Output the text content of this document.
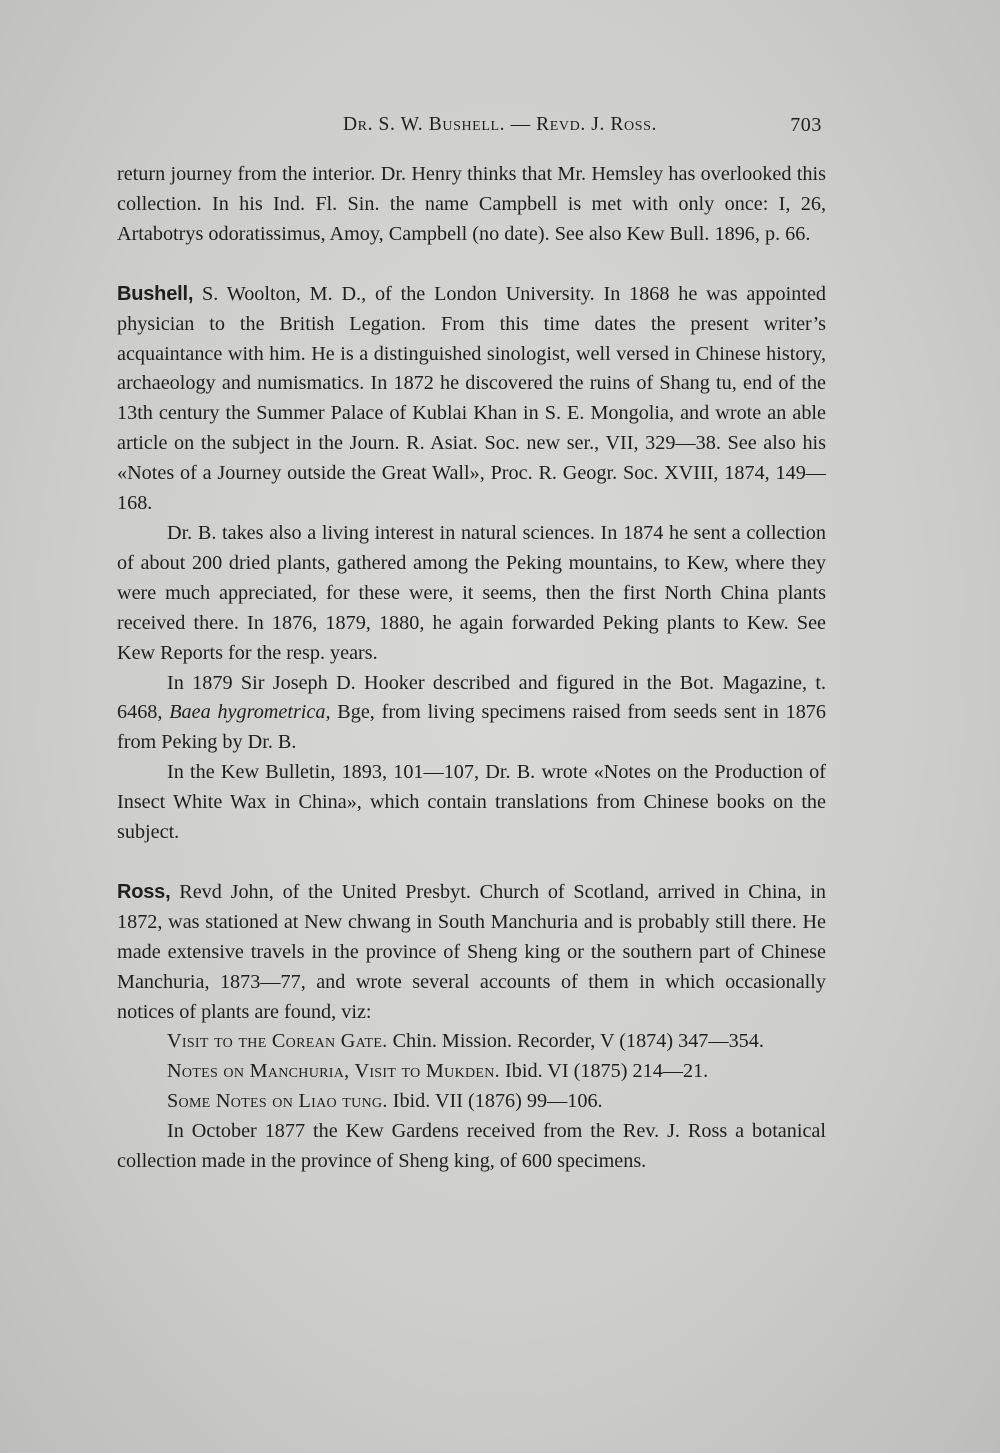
Dr. S. W. Bushell. — Revd. J. Ross.	703

return journey from the interior. Dr. Henry thinks that Mr. Hemsley has overlooked this collection. In his Ind. Fl. Sin. the name Campbell is met with only once: I, 26, Artabotrys odoratissimus, Amoy, Campbell (no date). See also Kew Bull. 1896, p. 66.

Bushell, S. Woolton, M. D., of the London University. In 1868 he was appointed physician to the British Legation. From this time dates the present writer’s acquaintance with him. He is a distinguished sinologist, well versed in Chinese history, archaeology and numismatics. In 1872 he discovered the ruins of Shang tu, end of the 13th century the Summer Palace of Kublai Khan in S. E. Mongolia, and wrote an able article on the subject in the Journ. R. Asiat. Soc. new ser., VII, 329—38. See also his «Notes of a Journey outside the Great Wall», Proc. R. Geogr. Soc. XVIII, 1874, 149—168.

Dr. B. takes also a living interest in natural sciences. In 1874 he sent a collection of about 200 dried plants, gathered among the Peking mountains, to Kew, where they were much appreciated, for these were, it seems, then the first North China plants received there. In 1876, 1879, 1880, he again forwarded Peking plants to Kew. See Kew Reports for the resp. years.

In 1879 Sir Joseph D. Hooker described and figured in the Bot. Magazine, t. 6468, Baea hygrometrica, Bge, from living specimens raised from seeds sent in 1876 from Peking by Dr. B.

In the Kew Bulletin, 1893, 101—107, Dr. B. wrote «Notes on the Production of Insect White Wax in China», which contain translations from Chinese books on the subject.

Ross, Revd John, of the United Presbyt. Church of Scotland, arrived in China, in 1872, was stationed at New chwang in South Manchuria and is probably still there. He made extensive travels in the province of Sheng king or the southern part of Chinese Manchuria, 1873—77, and wrote several accounts of them in which occasionally notices of plants are found, viz:

Visit to the Corean Gate. Chin. Mission. Recorder, V (1874) 347—354.

Notes on Manchuria, Visit to Mukden. Ibid. VI (1875) 214—21.

Some Notes on Liao tung. Ibid. VII (1876) 99—106.

In October 1877 the Kew Gardens received from the Rev. J. Ross a botanical collection made in the province of Sheng king, of 600 specimens.
